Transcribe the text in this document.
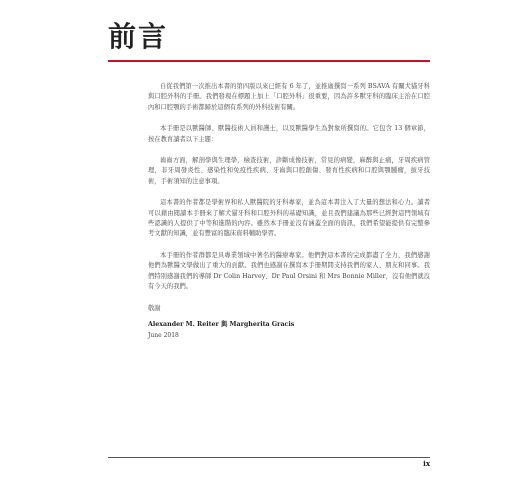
前言

自從我們第一次推出本書的第四版以來已經有 6 年了，並推廣撰寫一系列 BSAVA 有關犬貓牙科與口腔外科的手冊。我們發現在標題上加上「口腔外科」很重要，因為許多獸牙科的臨床主治在口腔內和口腔顎的手術都歸於這個有系列的外科技術有關。

本手冊是以獸醫師、獸醫技術人員和護士，以及獸醫學生為對象所撰寫的。它包含 13 個章節，按在教育讀者以下主題：

齒齒方面，解剖學與生理學，檢查技術，診斷成像技術，常見的病變，麻醉與止痛，牙周疾病管理，非牙周發炎性、感染性和免疫性疾病、牙齒與口腔創傷、發育性疾病和口腔與顎腫瘤，拔牙技術，手術須知的注意事項。

這本書的作者都是學術界和私人獸醫院的牙科專家，並為這本書注入了大量的想法和心力。讀者可以藉由閱讀本手冊來了解犬貓牙科和口腔外科的基礎知識，並且我們建議為那些已經對這門領域有些認識的人提供了中等和進階的內容。雖然本手冊並沒有涵蓋全面的資訊，我們希望能提供有完整參考文獻的知識，並有豐富的臨床資料輔助學習。

本手冊的作者群都是具專業領域中著名的醫療專家。他們對這本書的完成都盡了全力，我們感謝他們為獸醫文學做出了重大的貢獻。我們也感謝在撰寫本手冊期間支持我們的家人、朋友和同事。我們特別感謝我們的導師 Dr Colin Harvey、Dr Paul Orsini 和 Mrs Bonnie Miller，沒有他們就沒有今天的我們。

敬謝
Alexander M. Reiter 與 Margherita Gracis
June 2018
ix
